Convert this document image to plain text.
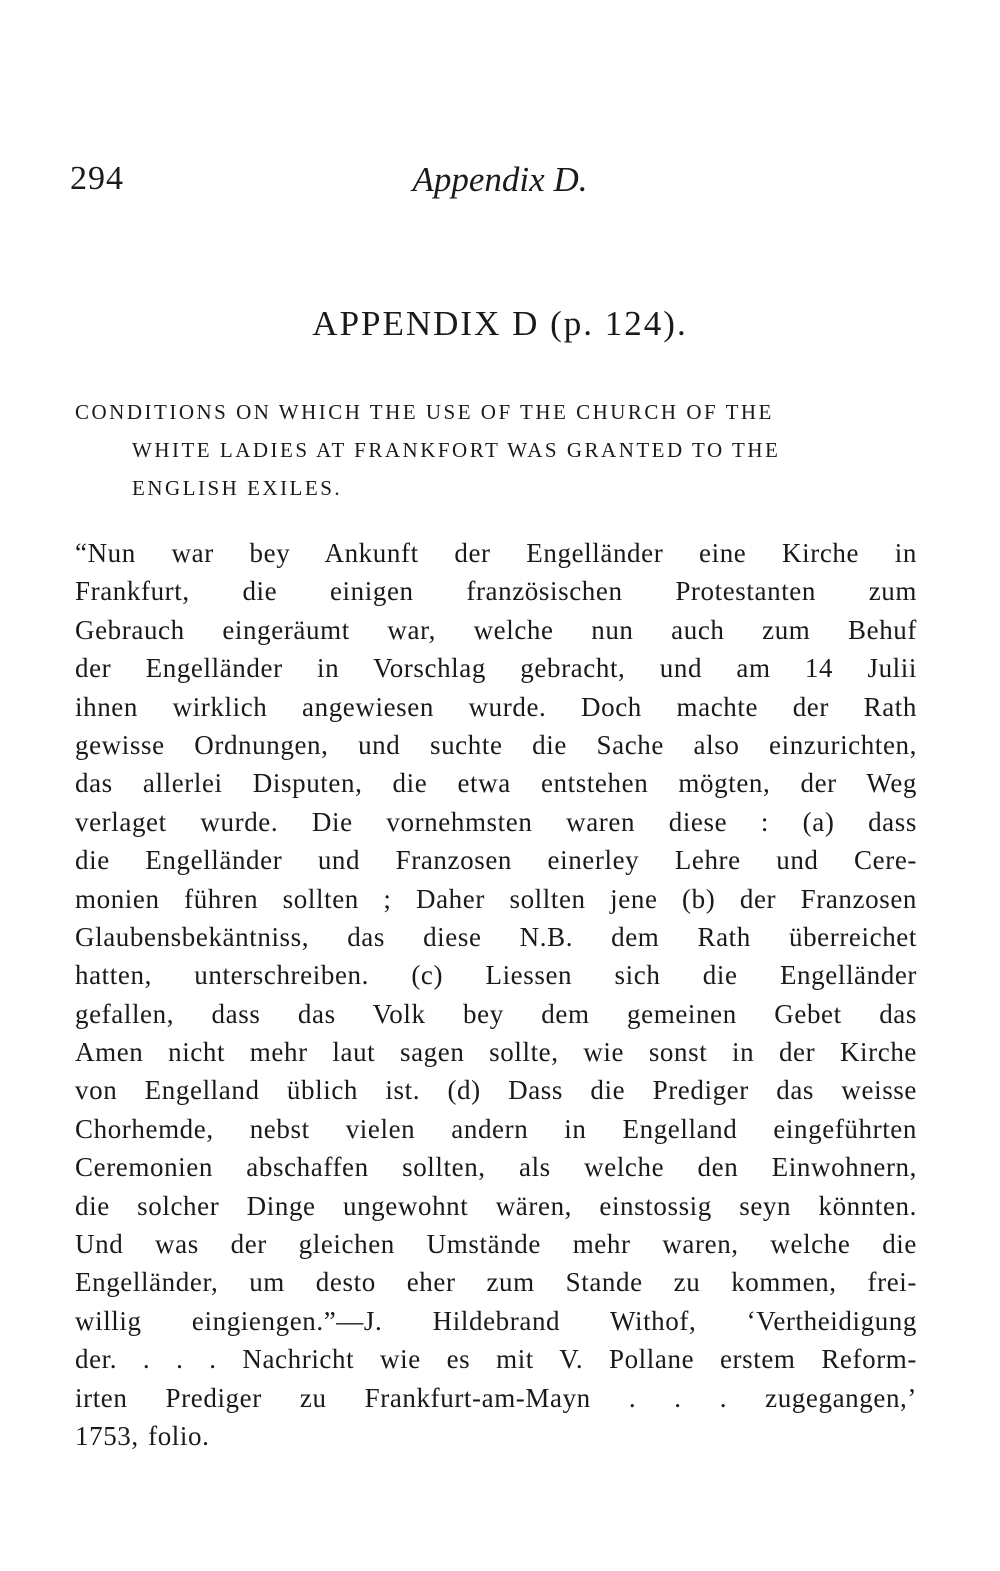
294	Appendix D.
APPENDIX D (p. 124).
CONDITIONS ON WHICH THE USE OF THE CHURCH OF THE
WHITE LADIES AT FRANKFORT WAS GRANTED TO THE
ENGLISH EXILES.
“Nun war bey Ankunft der Engelländer eine Kirche in
Frankfurt, die einigen französischen Protestanten zum
Gebrauch eingeräumt war, welche nun auch zum Behuf
der Engelländer in Vorschlag gebracht, und am 14 Julii
ihnen wirklich angewiesen wurde. Doch machte der Rath
gewisse Ordnungen, und suchte die Sache also einzurichten,
das allerlei Disputen, die etwa entstehen mögten, der Weg
verlaget wurde. Die vornehmsten waren diese : (a) dass
die Engelländer und Franzosen einerley Lehre und Cere-
monien führen sollten ; Daher sollten jene (b) der Franzosen
Glaubensbekäntniss, das diese N.B. dem Rath überreichet
hatten, unterschreiben. (c) Liessen sich die Engelländer
gefallen, dass das Volk bey dem gemeinen Gebet das
Amen nicht mehr laut sagen sollte, wie sonst in der Kirche
von Engelland üblich ist. (d) Dass die Prediger das weisse
Chorhemde, nebst vielen andern in Engelland eingeführten
Ceremonien abschaffen sollten, als welche den Einwohnern,
die solcher Dinge ungewohnt wären, einstossig seyn könnten.
Und was der gleichen Umstände mehr waren, welche die
Engelländer, um desto eher zum Stande zu kommen, frei-
willig eingiengen.”—J. Hildebrand Withof, ‘Vertheidigung
der. . . . Nachricht wie es mit V. Pollane erstem Reform-
irten Prediger zu Frankfurt-am-Mayn . . . zugegangen,’
1753, folio.
